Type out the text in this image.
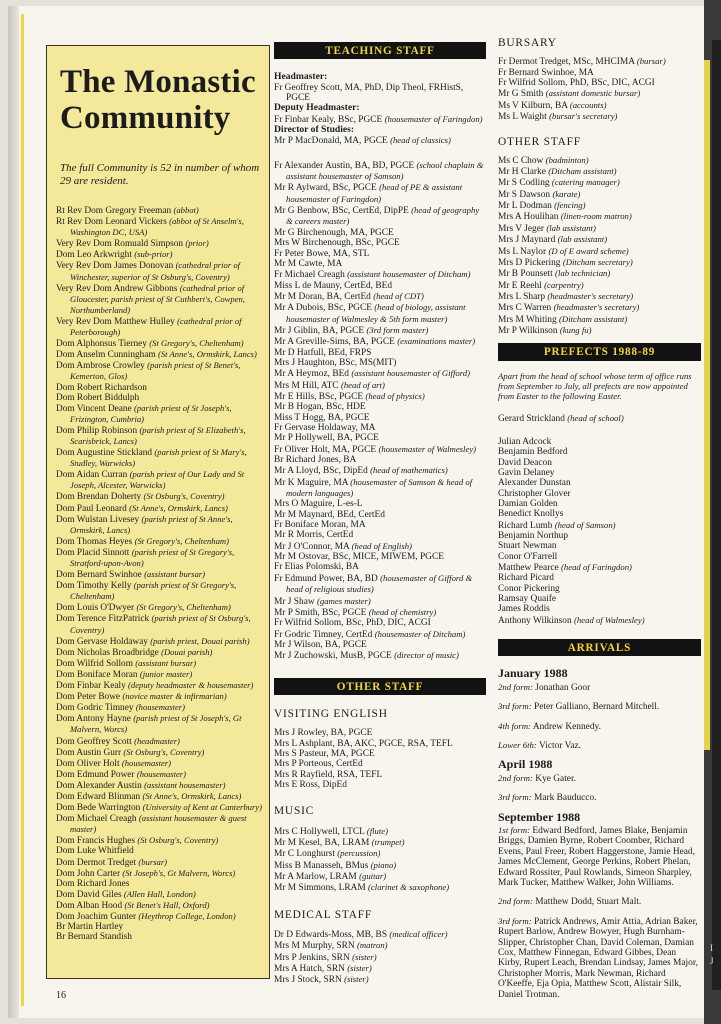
The Monastic Community
The full Community is 52 in number of whom 29 are resident.
Rt Rev Dom Gregory Freeman (abbot)
Rt Rev Dom Leonard Vickers (abbot of St Anselm's, Washington DC, USA)
Very Rev Dom Romuald Simpson (prior)
Dom Leo Arkwright (sub-prior)
Very Rev Dom James Donovan (cathedral prior of Winchester, superior of St Osburg's, Coventry)
Very Rev Dom Andrew Gibbons (cathedral prior of Gloucester, parish priest of St Cuthbert's, Cowpen, Northumberland)
Very Rev Dom Matthew Hulley (cathedral prior of Peterborough)
Dom Alphonsus Tierney (St Gregory's, Cheltenham)
Dom Anselm Cunningham (St Anne's, Ormskirk, Lancs)
Dom Ambrose Crowley (parish priest of St Benet's, Kemerton, Glos)
Dom Robert Richardson
Dom Robert Biddulph
Dom Vincent Deane (parish priest of St Joseph's, Frizington, Cumbria)
Dom Philip Robinson (parish priest of St Elizabeth's, Scarisbrick, Lancs)
Dom Augustine Stickland (parish priest of St Mary's, Studley, Warwicks)
Dom Aidan Curran (parish priest of Our Lady and St Joseph, Alcester, Warwicks)
Dom Brendan Doherty (St Osburg's, Coventry)
Dom Paul Leonard (St Anne's, Ormskirk, Lancs)
Dom Wulstan Livesey (parish priest of St Anne's, Ormskirk, Lancs)
Dom Thomas Heyes (St Gregory's, Cheltenham)
Dom Placid Sinnott (parish priest of St Gregory's, Stratford-upon-Avon)
Dom Bernard Swinhoe (assistant bursar)
Dom Timothy Kelly (parish priest of St Gregory's, Cheltenham)
Dom Louis O'Dwyer (St Gregory's, Cheltenham)
Dom Terence FitzPatrick (parish priest of St Osburg's, Coventry)
Dom Gervase Holdaway (parish priest, Douai parish)
Dom Nicholas Broadbridge (Douai parish)
Dom Wilfrid Sollom (assistant bursar)
Dom Boniface Moran (junior master)
Dom Finbar Kealy (deputy headmaster & housemaster)
Dom Peter Bowe (novice master & infirmarian)
Dom Godric Timney (housemaster)
Dom Antony Hayne (parish priest of St Joseph's, Gt Malvern, Worcs)
Dom Geoffrey Scott (headmaster)
Dom Austin Gurr (St Osburg's, Coventry)
Dom Oliver Holt (housemaster)
Dom Edmund Power (housemaster)
Dom Alexander Austin (assistant housemaster)
Dom Edward Blinman (St Anne's, Ormskirk, Lancs)
Dom Bede Warrington (University of Kent at Canterbury)
Dom Michael Creagh (assistant housemaster & guest master)
Dom Francis Hughes (St Osburg's, Coventry)
Dom Luke Whitfield
Dom Dermot Tredget (bursar)
Dom John Carter (St Joseph's, Gt Malvern, Worcs)
Dom Richard Jones
Dom David Giles (Allen Hall, London)
Dom Alban Hood (St Benet's Hall, Oxford)
Dom Joachim Gunter (Heythrop College, London)
Br Martin Hartley
Br Bernard Standish
TEACHING STAFF
Headmaster:
Fr Geoffrey Scott, MA, PhD, Dip Theol, FRHistS, PGCE
Deputy Headmaster:
Fr Finbar Kealy, BSc, PGCE (housemaster of Faringdon)
Director of Studies:
Mr P MacDonald, MA, PGCE (head of classics)
Fr Alexander Austin, BA, BD, PGCE (school chaplain & assistant housemaster of Samson)
Mr R Aylward, BSc, PGCE (head of PE & assistant housemaster of Faringdon)
Mr G Benbow, BSc, CertEd, DipPE (head of geography & careers master)
Mr G Birchenough, MA, PGCE
Mrs W Birchenough, BSc, PGCE
Fr Peter Bowe, MA, STL
Mr M Cawte, MA
Fr Michael Creagh (assistant housemaster of Ditcham)
Miss L de Mauny, CertEd, BEd
Mr M Doran, BA, CertEd (head of CDT)
Mr A Dubois, BSc, PGCE (head of biology, assistant housemaster of Walmesley & 5th form master)
Mr J Giblin, BA, PGCE (3rd form master)
Mr A Greville-Sims, BA, PGCE (examinations master)
Mr D Hatfull, BEd, FRPS
Mrs J Haughton, BSc, MS(MIT)
Mr A Heymoz, BEd (assistant housemaster of Gifford)
Mrs M Hill, ATC (head of art)
Mr E Hills, BSc, PGCE (head of physics)
Mr B Hogan, BSc, HDE
Miss T Hogg, BA, PGCE
Fr Gervase Holdaway, MA
Mr P Hollywell, BA, PGCE
Fr Oliver Holt, MA, PGCE (housemaster of Walmesley)
Br Richard Jones, BA
Mr A Lloyd, BSc, DipEd (head of mathematics)
Mr K Maguire, MA (housemaster of Samson & head of modern languages)
Mrs O Maguire, L-es-L
Mr M Maynard, BEd, CertEd
Fr Boniface Moran, MA
Mr R Morris, CertEd
Mr J O'Connor, MA (head of English)
Mr M Ostovar, BSc, MICE, MIWEM, PGCE
Fr Elias Polomski, BA
Fr Edmund Power, BA, BD (housemaster of Gifford & head of religious studies)
Mr J Shaw (games master)
Mr P Smith, BSc, PGCE (head of chemistry)
Fr Wilfrid Sollom, BSc, PhD, DIC, ACGI
Fr Godric Timney, CertEd (housemaster of Ditcham)
Mr J Wilson, BA, PGCE
Mr J Zuchowski, MusB, PGCE (director of music)
OTHER STAFF
VISITING ENGLISH
Mrs J Rowley, BA, PGCE
Mrs L Ashplant, BA, AKC, PGCE, RSA, TEFL
Mrs S Pasteur, MA, PGCE
Mrs P Porteous, CertEd
Mrs R Rayfield, RSA, TEFL
Mrs E Ross, DipEd
MUSIC
Mrs C Hollywell, LTCL (flute)
Mr M Kesel, BA, LRAM (trumpet)
Mr C Longhurst (percussion)
Miss B Manasseh, BMus (piano)
Mr A Marlow, LRAM (guitar)
Mr M Simmons, LRAM (clarinet & saxophone)
MEDICAL STAFF
Dr D Edwards-Moss, MB, BS (medical officer)
Mrs M Murphy, SRN (matron)
Mrs P Jenkins, SRN (sister)
Mrs A Hatch, SRN (sister)
Mrs J Stock, SRN (sister)
BURSARY
Fr Dermot Tredget, MSc, MHCIMA (bursar)
Fr Bernard Swinhoe, MA
Fr Wilfrid Sollom, PhD, BSc, DIC, ACGI
Mr G Smith (assistant domestic bursar)
Ms V Kilburn, BA (accounts)
Ms L Waight (bursar's secretary)
OTHER STAFF
Ms C Chow (badminton)
Mr H Clarke (Ditcham assistant)
Mr S Codling (catering manager)
Mr S Dawson (karate)
Mr L Dodman (fencing)
Mrs A Houlihan (linen-room matron)
Mrs V Jeger (lab assistant)
Mrs J Maynard (lab assistant)
Ms L Naylor (D of E award scheme)
Mrs D Pickering (Ditcham secretary)
Mr B Pounsett (lab technician)
Mr E Reehl (carpentry)
Mrs L Sharp (headmaster's secretary)
Mrs C Warren (headmaster's secretary)
Mrs M Whiting (Ditcham assistant)
Mr P Wilkinson (kung fu)
PREFECTS 1988-89
Apart from the head of school whose term of office runs from September to July, all prefects are now appointed from Easter to the following Easter.
Gerard Strickland (head of school)
Julian Adcock
Benjamin Bedford
David Deacon
Gavin Delaney
Alexander Dunstan
Christopher Glover
Damian Golden
Benedict Knollys
Richard Lumb (head of Samson)
Benjamin Northup
Stuart Newman
Conor O'Farrell
Matthew Pearce (head of Faringdon)
Richard Picard
Conor Pickering
Ramsay Quaife
James Roddis
Anthony Wilkinson (head of Walmesley)
ARRIVALS
January 1988
2nd form: Jonathan Goor
3rd form: Peter Galliano, Bernard Mitchell.
4th form: Andrew Kennedy.
Lower 6th: Victor Vaz.
April 1988
2nd form: Kye Gater.
3rd form: Mark Bauducco.
September 1988
1st form: Edward Bedford, James Blake, Benjamin Briggs, Damien Byrne, Robert Coomber, Richard Evens, Paul Freer, Robert Haggerstone, Jamie Head, James McClement, George Perkins, Robert Phelan, Edward Rossiter, Paul Rowlands, Simeon Sharpley, Mark Tucker, Matthew Walker, John Williams.
2nd form: Matthew Dodd, Stuart Malt.
3rd form: Patrick Andrews, Amir Attia, Adrian Baker, Rupert Barlow, Andrew Bowyer, Hugh Burnham-Slipper, Christopher Chan, David Coleman, Damian Cox, Matthew Finnegan, Edward Gibbes, Dean Kirby, Rupert Leach, Brendan Lindsay, James Major, Christopher Morris, Mark Newman, Richard O'Keeffe, Eja Opia, Matthew Scott, Alistair Silk, Daniel Trotman.
16
I
J
